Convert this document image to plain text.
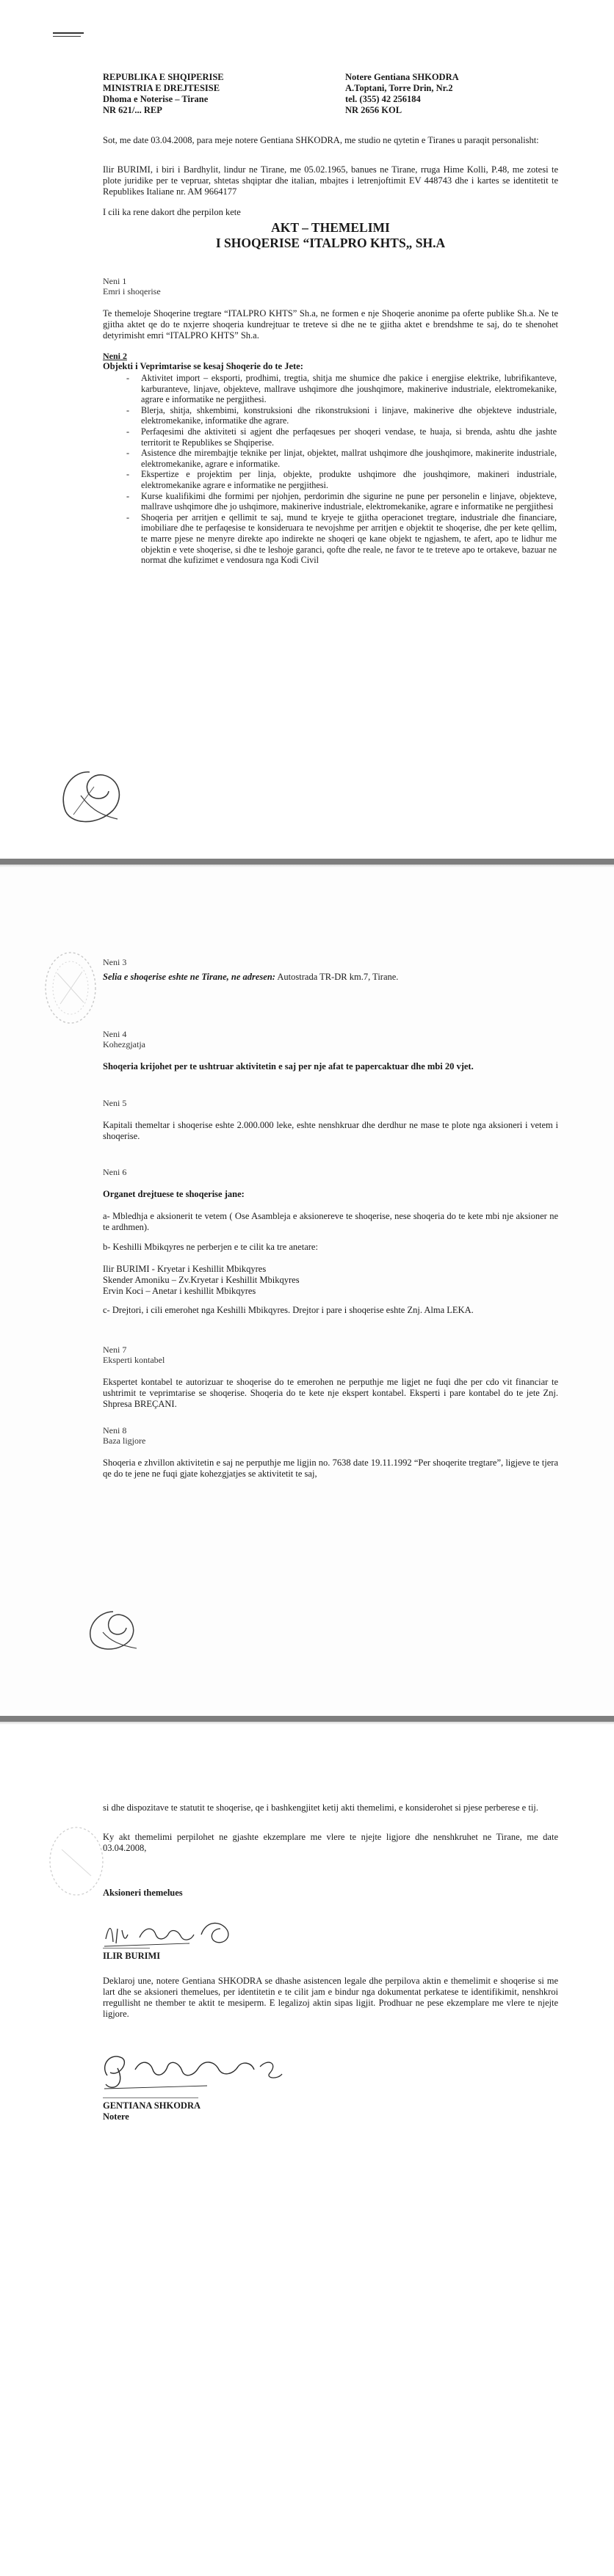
REPUBLIKA E SHQIPERISE
MINISTRIA E DREJTESISE
Dhoma e Noterise – Tirane
NR 621/... REP
Notere Gentiana SHKODRA
A.Toptani, Torre Drin, Nr.2
tel. (355) 42 256184
NR 2656 KOL
Sot, me date 03.04.2008, para meje notere Gentiana SHKODRA, me studio ne qytetin e Tiranes u paraqit personalisht:
Ilir BURIMI, i biri i Bardhylit, lindur ne Tirane, me 05.02.1965, banues ne Tirane, rruga Hime Kolli, P.48, me zotesi te plote juridike per te vepruar, shtetas shqiptar dhe italian, mbajtes i letrenjoftimit EV 448743 dhe i kartes se identitetit te Republikes Italiane nr. AM 9664177
I cili ka rene dakort dhe perpilon kete
AKT – THEMELIMI
I SHOQERISE “ITALPRO KHTS„ SH.A
Neni 1
Emri i shoqerise
Te themeloje Shoqerine tregtare “ITALPRO KHTS” Sh.a, ne formen e nje Shoqerie anonime pa oferte publike Sh.a. Ne te gjitha aktet qe do te nxjerre shoqeria kundrejtuar te treteve si dhe ne te gjitha aktet e brendshme te saj, do te shenohet detyrimisht emri “ITALPRO KHTS” Sh.a.
Neni 2
Objekti i Veprimtarise se kesaj Shoqerie do te Jete:
- Aktivitet import – eksporti, prodhimi, tregtia, shitja me shumice dhe pakice i energjise elektrike, lubrifikanteve, karburanteve, linjave, objekteve, mallrave ushqimore dhe joushqimore, makinerive industriale, elektromekanike, agrare e informatike ne pergjithesi.
- Blerja, shitja, shkembimi, konstruksioni dhe rikonstruksioni i linjave, makinerive dhe objekteve industriale, elektromekanike, informatike dhe agrare.
- Perfaqesimi dhe aktiviteti si agjent dhe perfaqesues per shoqeri vendase, te huaja, si brenda, ashtu dhe jashte territorit te Republikes se Shqiperise.
- Asistence dhe mirembajtje teknike per linjat, objektet, mallrat ushqimore dhe joushqimore, makinerite industriale, elektromekanike, agrare e informatike.
- Ekspertize e projektim per linja, objekte, produkte ushqimore dhe joushqimore, makineri industriale, elektromekanike agrare e informatike ne pergjithesi.
- Kurse kualifikimi dhe formimi per njohjen, perdorimin dhe sigurine ne pune per personelin e linjave, objekteve, mallrave ushqimore dhe jo ushqimore, makinerive industriale, elektromekanike, agrare e informatike ne pergjithesi
- Shoqeria per arritjen e qellimit te saj, mund te kryeje te gjitha operacionet tregtare, industriale dhe financiare, imobiliare dhe te perfaqesise te konsideruara te nevojshme per arritjen e objektit te shoqerise, dhe per kete qellim, te marre pjese ne menyre direkte apo indirekte ne shoqeri qe kane objekt te ngjashem, te afert, apo te lidhur me objektin e vete shoqerise, si dhe te leshoje garanci, qofte dhe reale, ne favor te te treteve apo te ortakeve, bazuar ne normat dhe kufizimet e vendosura nga Kodi Civil
Neni 3
Selia e shoqerise eshte ne Tirane, ne adresen: Autostrada TR-DR km.7, Tirane.
Neni 4
Kohezgjatja
Shoqeria krijohet per te ushtruar aktivitetin e saj per nje afat te papercaktuar dhe mbi 20 vjet.
Neni 5
Kapitali themeltar i shoqerise eshte 2.000.000 leke, eshte nenshkruar dhe derdhur ne mase te plote nga aksioneri i vetem i shoqerise.
Neni 6
Organet drejtuese te shoqerise jane:
a- Mbledhja e aksionerit te vetem ( Ose Asambleja e aksionereve te shoqerise, nese shoqeria do te kete mbi nje aksioner ne te ardhmen).
b- Keshilli Mbikqyres ne perberjen e te cilit ka tre anetare:
Ilir BURIMI - Kryetar i Keshillit Mbikqyres
Skender Amoniku – Zv.Kryetar i Keshillit Mbikqyres
Ervin Koci – Anetar i keshillit Mbikqyres
c- Drejtori, i cili emerohet nga Keshilli Mbikqyres. Drejtor i pare i shoqerise eshte Znj. Alma LEKA.
Neni 7
Eksperti kontabel
Ekspertet kontabel te autorizuar te shoqerise do te emerohen ne perputhje me ligjet ne fuqi dhe per cdo vit financiar te ushtrimit te veprimtarise se shoqerise. Shoqeria do te kete nje ekspert kontabel. Eksperti i pare kontabel do te jete Znj. Shpresa BREÇANI.
Neni 8
Baza ligjore
Shoqeria e zhvillon aktivitetin e saj ne perputhje me ligjin no. 7638 date 19.11.1992 “Per shoqerite tregtare”, ligjeve te tjera qe do te jene ne fuqi gjate kohezgjatjes se aktivitetit te saj,
si dhe dispozitave te statutit te shoqerise, qe i bashkengjitet ketij akti themelimi, e konsiderohet si pjese perberese e tij.
Ky akt themelimi perpilohet ne gjashte ekzemplare me vlere te njejte ligjore dhe nenshkruhet ne Tirane, me date 03.04.2008,
Aksioneri themelues
ILIR BURIMI
Deklaroj une, notere Gentiana SHKODRA se dhashe asistencen legale dhe perpilova aktin e themelimit e shoqerise si me lart dhe se aksioneri themelues, per identitetin e te cilit jam e bindur nga dokumentat perkatese te identifikimit, nenshkroi rregullisht ne thember te aktit te mesiperm. E legalizoj aktin sipas ligjit. Prodhuar ne pese ekzemplare me vlere te njejte ligjore.
GENTIANA SHKODRA
Notere
